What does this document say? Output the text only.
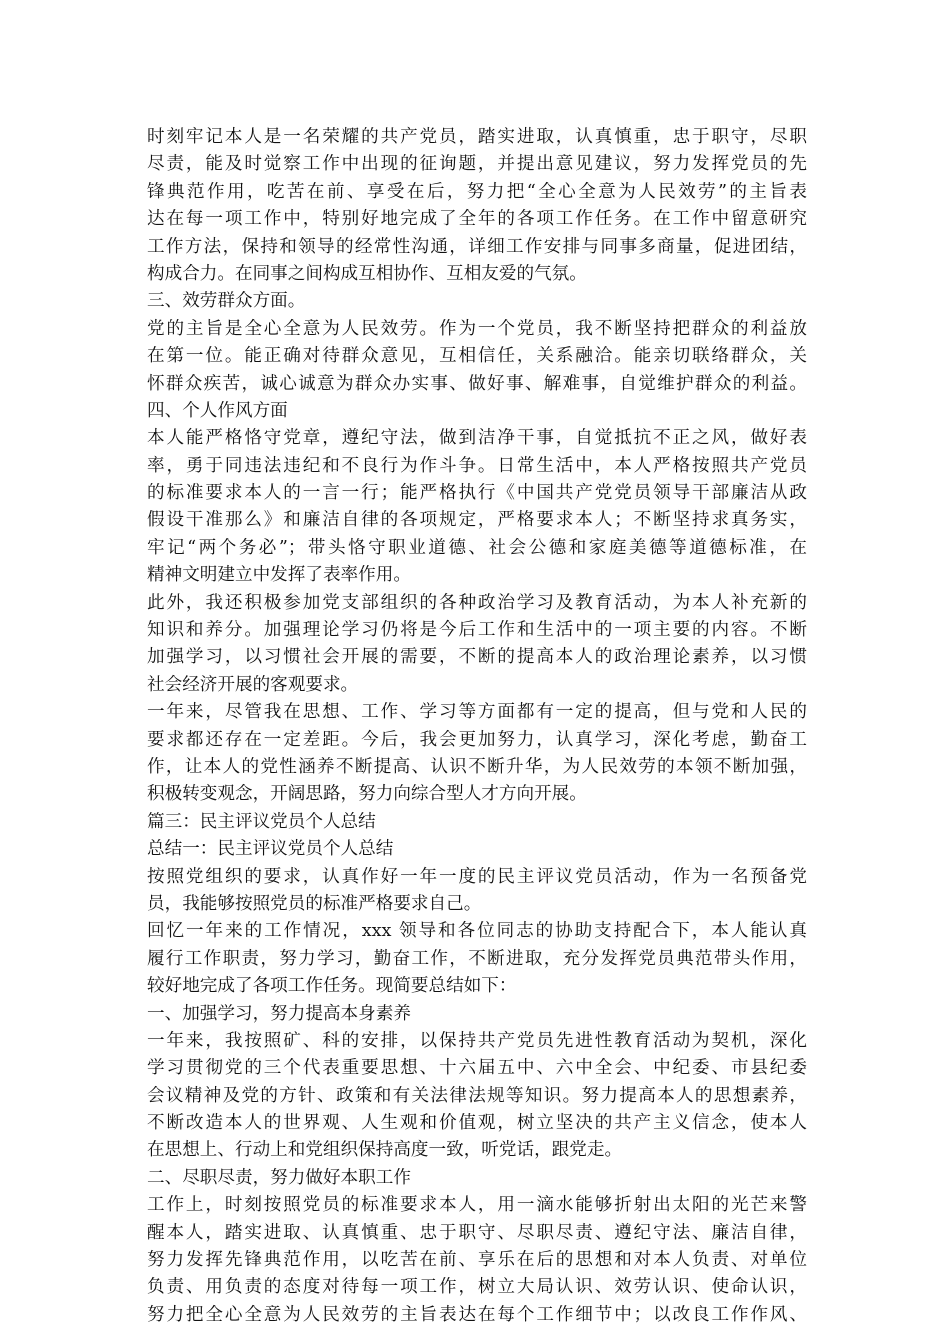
时刻牢记本人是一名荣耀的共产党员，踏实进取，认真慎重，忠于职守，尽职
尽责，能及时觉察工作中出现的征询题，并提出意见建议，努力发挥党员的先
锋典范作用，吃苦在前、享受在后，努力把“全心全意为人民效劳”的主旨表
达在每一项工作中，特别好地完成了全年的各项工作任务。在工作中留意研究
工作方法，保持和领导的经常性沟通，详细工作安排与同事多商量，促进团结，
构成合力。在同事之间构成互相协作、互相友爱的气氛。
三、效劳群众方面。
党的主旨是全心全意为人民效劳。作为一个党员，我不断坚持把群众的利益放
在第一位。能正确对待群众意见，互相信任，关系融洽。能亲切联络群众，关
怀群众疾苦，诚心诚意为群众办实事、做好事、解难事，自觉维护群众的利益。
四、个人作风方面
本人能严格恪守党章，遵纪守法，做到洁净干事，自觉抵抗不正之风，做好表
率，勇于同违法违纪和不良行为作斗争。日常生活中，本人严格按照共产党员
的标准要求本人的一言一行；能严格执行《中国共产党党员领导干部廉洁从政
假设干准那么》和廉洁自律的各项规定，严格要求本人；不断坚持求真务实，
牢记“两个务必”；带头恪守职业道德、社会公德和家庭美德等道德标准，在
精神文明建立中发挥了表率作用。
此外，我还积极参加党支部组织的各种政治学习及教育活动，为本人补充新的
知识和养分。加强理论学习仍将是今后工作和生活中的一项主要的内容。不断
加强学习，以习惯社会开展的需要，不断的提高本人的政治理论素养，以习惯
社会经济开展的客观要求。
一年来，尽管我在思想、工作、学习等方面都有一定的提高，但与党和人民的
要求都还存在一定差距。今后，我会更加努力，认真学习，深化考虑，勤奋工
作，让本人的党性涵养不断提高、认识不断升华，为人民效劳的本领不断加强，
积极转变观念，开阔思路，努力向综合型人才方向开展。
篇三：民主评议党员个人总结
总结一：民主评议党员个人总结
按照党组织的要求，认真作好一年一度的民主评议党员活动，作为一名预备党
员，我能够按照党员的标准严格要求自己。
回忆一年来的工作情况，xxx 领导和各位同志的协助支持配合下，本人能认真
履行工作职责，努力学习，勤奋工作，不断进取，充分发挥党员典范带头作用，
较好地完成了各项工作任务。现简要总结如下：
一、加强学习，努力提高本身素养
一年来，我按照矿、科的安排，以保持共产党员先进性教育活动为契机，深化
学习贯彻党的三个代表重要思想、十六届五中、六中全会、中纪委、市县纪委
会议精神及党的方针、政策和有关法律法规等知识。努力提高本人的思想素养，
不断改造本人的世界观、人生观和价值观，树立坚决的共产主义信念，使本人
在思想上、行动上和党组织保持高度一致，听党话，跟党走。
二、尽职尽责，努力做好本职工作
工作上，时刻按照党员的标准要求本人，用一滴水能够折射出太阳的光芒来警
醒本人，踏实进取、认真慎重、忠于职守、尽职尽责、遵纪守法、廉洁自律，
努力发挥先锋典范作用，以吃苦在前、享乐在后的思想和对本人负责、对单位
负责、用负责的态度对待每一项工作，树立大局认识、效劳认识、使命认识，
努力把全心全意为人民效劳的主旨表达在每个工作细节中；以改良工作作风、
